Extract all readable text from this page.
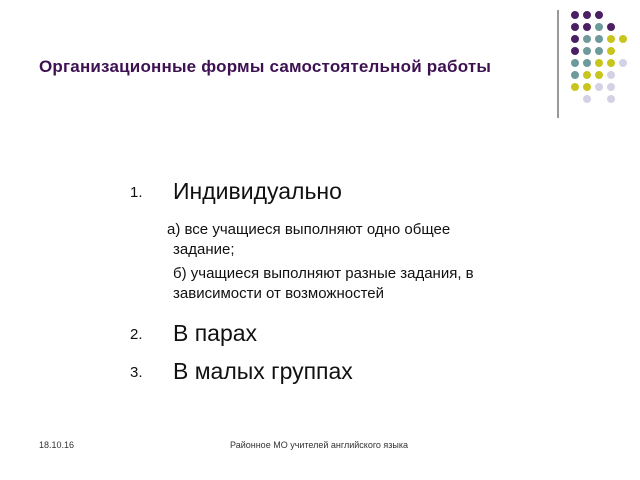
Организационные формы самостоятельной работы
1. Индивидуально
а) все учащиеся выполняют одно общее задание;
б) учащиеся выполняют разные задания, в зависимости от возможностей
2. В парах
3. В малых группах
18.10.16	Районное МО учителей английского языка
